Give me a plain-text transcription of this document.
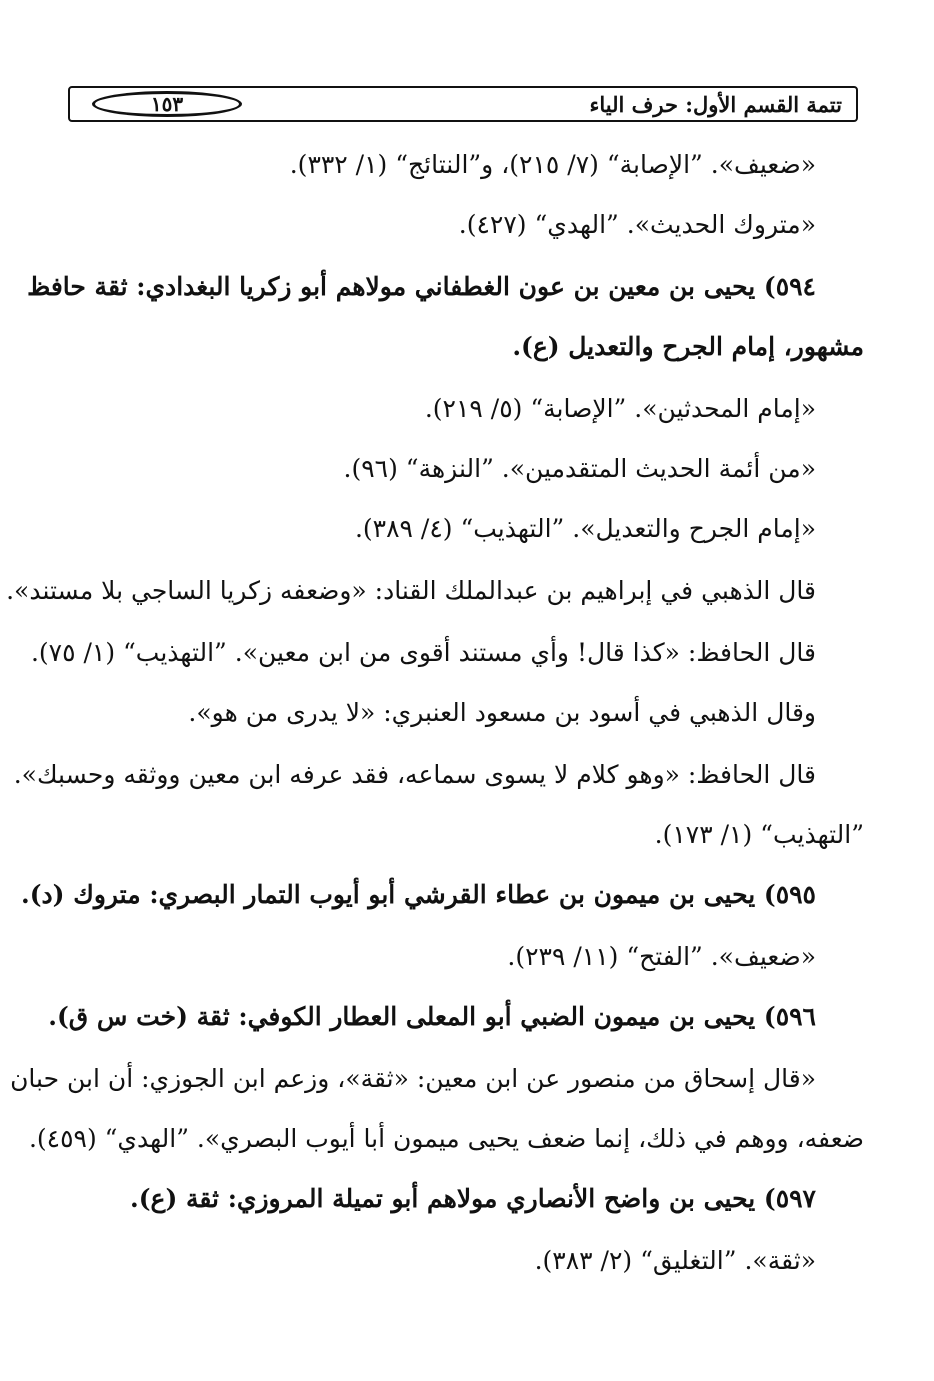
تتمة القسم الأول: حرف الياء
١٥٣
«ضعيف». ”الإصابة“ (٧/ ٢١٥)، و”النتائج“ (١/ ٣٣٢).
«متروك الحديث». ”الهدي“ (٤٢٧).
٥٩٤) يحيى بن معين بن عون الغطفاني مولاهم أبو زكريا البغدادي: ثقة حافظ
مشهور، إمام الجرح والتعديل (ع).
«إمام المحدثين». ”الإصابة“ (٥/ ٢١٩).
«من أئمة الحديث المتقدمين». ”النزهة“ (٩٦).
«إمام الجرح والتعديل». ”التهذيب“ (٤/ ٣٨٩).
قال الذهبي في إبراهيم بن عبدالملك القناد: «وضعفه زكريا الساجي بلا مستند».
قال الحافظ: «كذا قال! وأي مستند أقوى من ابن معين». ”التهذيب“ (١/ ٧٥).
وقال الذهبي في أسود بن مسعود العنبري: «لا يدرى من هو».
قال الحافظ: «وهو كلام لا يسوى سماعه، فقد عرفه ابن معين ووثقه وحسبك».
”التهذيب“ (١/ ١٧٣).
٥٩٥) يحيى بن ميمون بن عطاء القرشي أبو أيوب التمار البصري: متروك (د).
«ضعيف». ”الفتح“ (١١/ ٢٣٩).
٥٩٦) يحيى بن ميمون الضبي أبو المعلى العطار الكوفي: ثقة (خت س ق).
«قال إسحاق من منصور عن ابن معين: «ثقة»، وزعم ابن الجوزي: أن ابن حبان
ضعفه، ووهم في ذلك، إنما ضعف يحيى ميمون أبا أيوب البصري». ”الهدي“ (٤٥٩).
٥٩٧) يحيى بن واضح الأنصاري مولاهم أبو تميلة المروزي: ثقة (ع).
«ثقة». ”التغليق“ (٢/ ٣٨٣).
